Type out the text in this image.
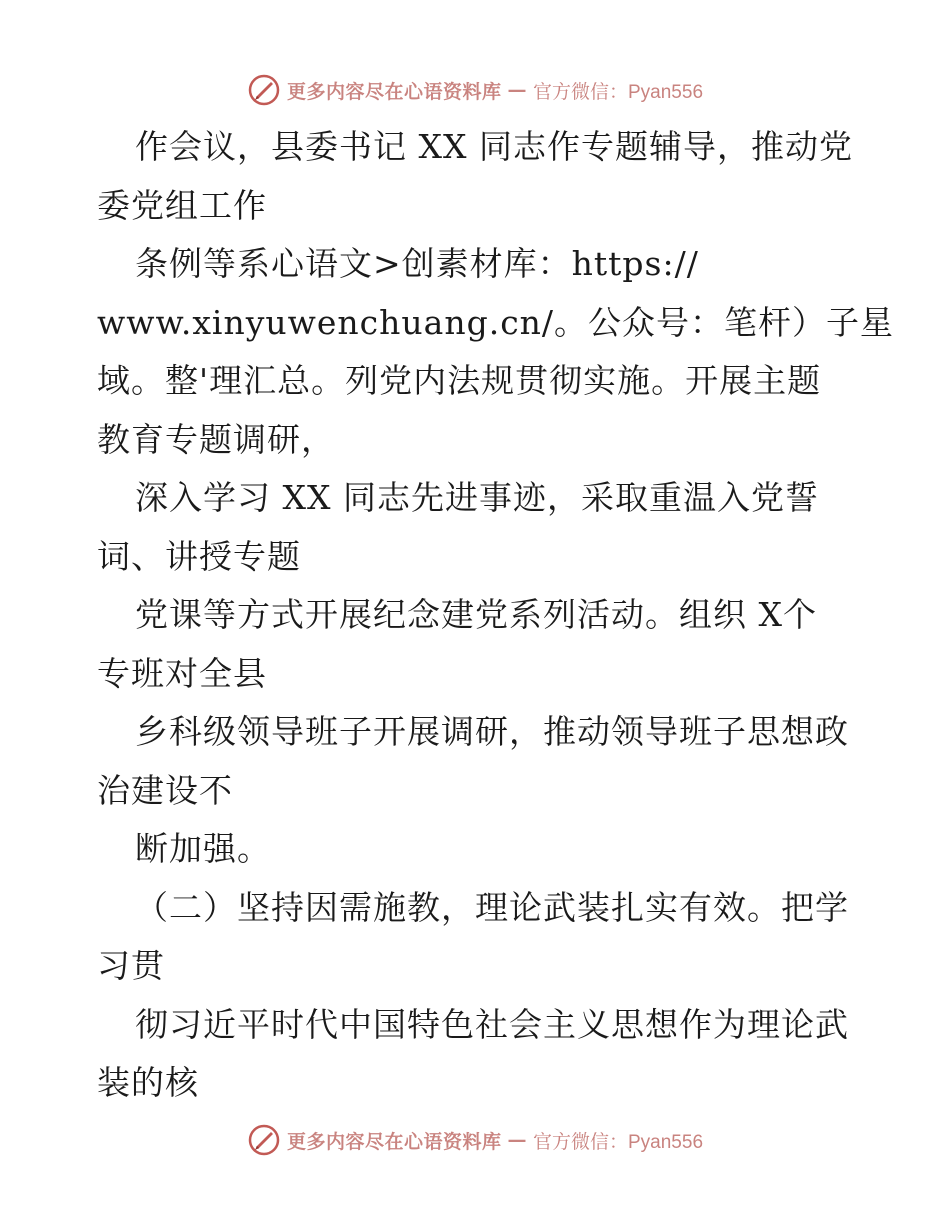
更多内容尽在心语资料库 — 官方微信：Pyan556
作会议，县委书记 XX 同志作专题辅导，推动党
委党组工作
条例等系心语文>创素材库：https://
www.xinyuwenchuang.cn/。公众号：笔杆）子星
域。整'理汇总。列党内法规贯彻实施。开展主题
教育专题调研，
深入学习 XX 同志先进事迹，采取重温入党誓
词、讲授专题
党课等方式开展纪念建党系列活动。组织 X个
专班对全县
乡科级领导班子开展调研，推动领导班子思想政
治建设不
断加强。
（二）坚持因需施教，理论武装扎实有效。把学
习贯
彻习近平时代中国特色社会主义思想作为理论武
装的核
更多内容尽在心语资料库 — 官方微信：Pyan556
